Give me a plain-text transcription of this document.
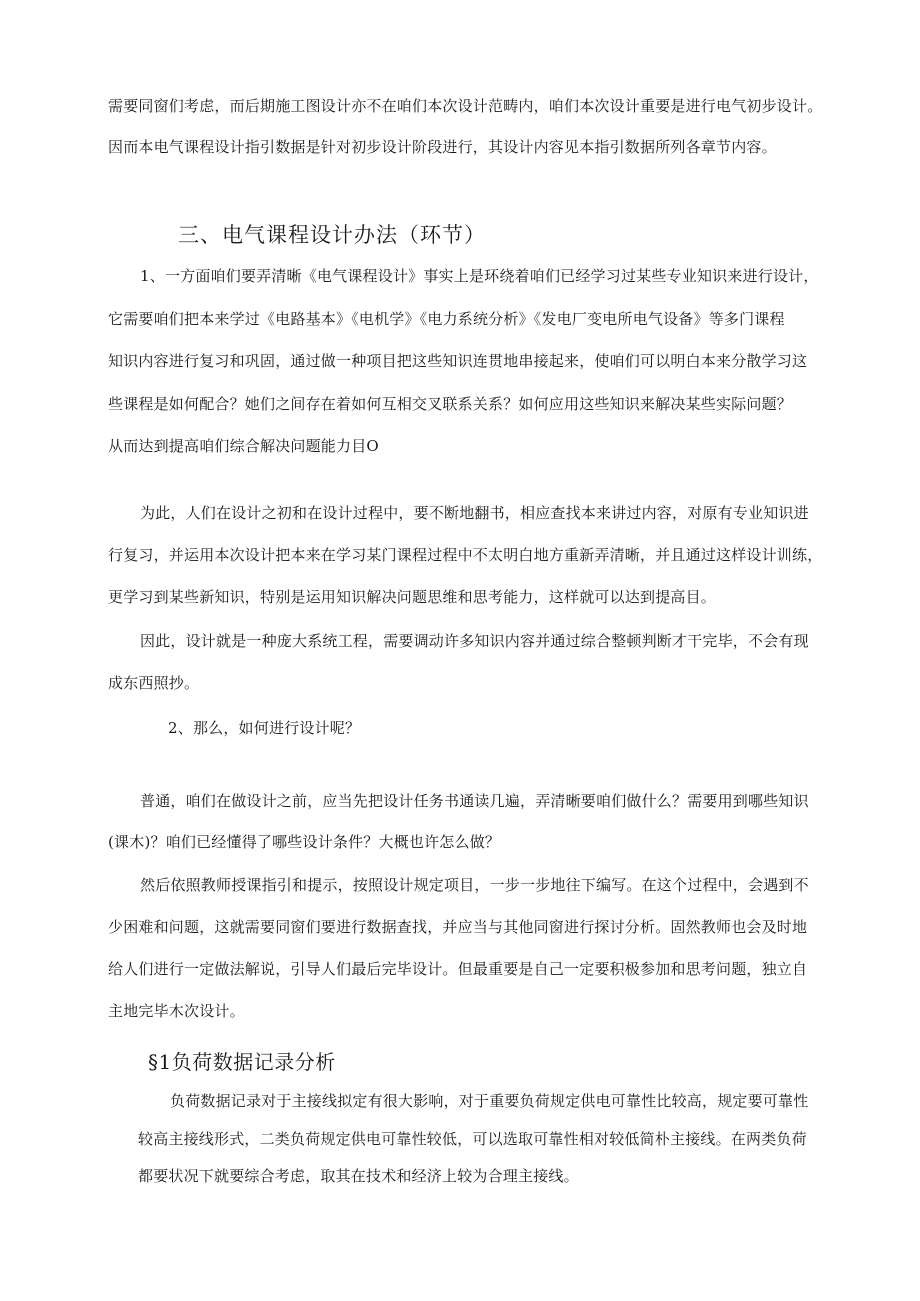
需要同窗们考虑，而后期施工图设计亦不在咱们本次设计范畴内，咱们本次设计重要是进行电气初步设计。
因而本电气课程设计指引数据是针对初步设计阶段进行，其设计内容见本指引数据所列各章节内容。
三、电气课程设计办法（环节）
1、一方面咱们要弄清晰《电气课程设计》事实上是环绕着咱们已经学习过某些专业知识来进行设计，
它需要咱们把本来学过《电路基本》《电机学》《电力系统分析》《发电厂变电所电气设备》等多门课程
知识内容进行复习和巩固，通过做一种项目把这些知识连贯地串接起来，使咱们可以明白本来分散学习这
些课程是如何配合？她们之间存在着如何互相交叉联系关系？如何应用这些知识来解决某些实际问题？
从而达到提高咱们综合解决问题能力目O
为此，人们在设计之初和在设计过程中，要不断地翻书，相应查找本来讲过内容，对原有专业知识进
行复习，并运用本次设计把本来在学习某门课程过程中不太明白地方重新弄清晰，并且通过这样设计训练，
更学习到某些新知识，特别是运用知识解决问题思维和思考能力，这样就可以达到提高目。
因此，设计就是一种庞大系统工程，需要调动许多知识内容并通过综合整顿判断才干完毕，不会有现
成东西照抄。
2、那么，如何进行设计呢？
普通，咱们在做设计之前，应当先把设计任务书通读几遍，弄清晰要咱们做什么？需要用到哪些知识
(课木)？咱们已经懂得了哪些设计条件？大概也许怎么做？
然后依照教师授课指引和提示，按照设计规定项目，一步一步地往下编写。在这个过程中，会遇到不
少困难和问题，这就需要同窗们要进行数据查找，并应当与其他同窗进行探讨分析。固然教师也会及时地
给人们进行一定做法解说，引导人们最后完毕设计。但最重要是自己一定要积极参加和思考问题，独立自
主地完毕木次设计。
§1负荷数据记录分析
负荷数据记录对于主接线拟定有很大影响，对于重要负荷规定供电可靠性比较高，规定要可靠性
较高主接线形式，二类负荷规定供电可靠性较低，可以选取可靠性相对较低简朴主接线。在两类负荷
都要状况下就要综合考虑，取其在技术和经济上较为合理主接线。
